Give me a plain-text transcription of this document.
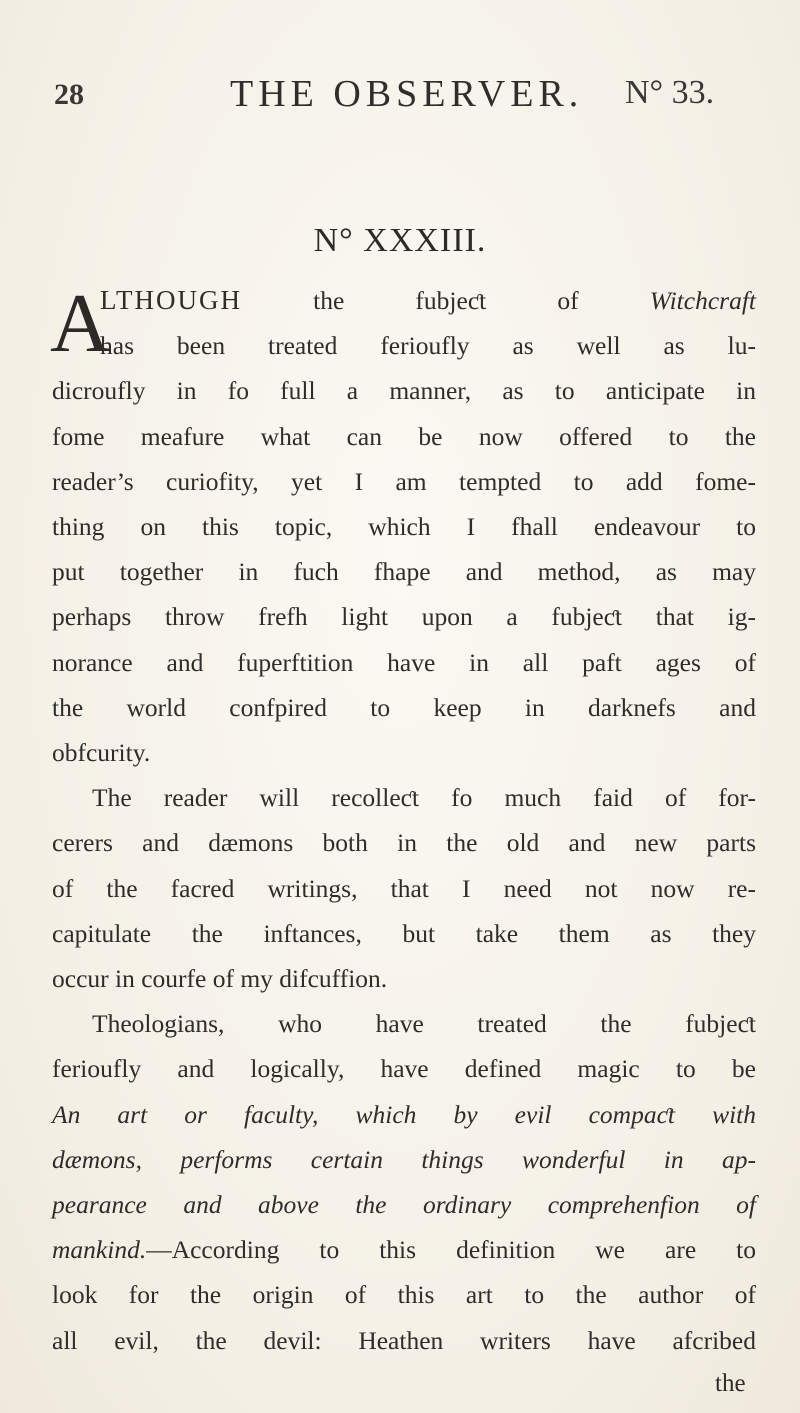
28	THE OBSERVER. N° 33.
N° XXXIII.
A
LTHOUGH the fubjeƈt of Witchcraft
has been treated ferioufly as well as lu-
dicroufly in fo full a manner, as to anticipate in
fome meafure what can be now offered to the
reader’s curiofity, yet I am tempted to add fome-
thing on this topic, which I fhall endeavour to
put together in fuch fhape and method, as may
perhaps throw frefh light upon a fubjeƈt that ig-
norance and fuperftition have in all paft ages of
the world confpired to keep in darknefs and
obfcurity.
The reader will recolleƈt fo much faid of for-
cerers and dæmons both in the old and new parts
of the facred writings, that I need not now re-
capitulate the inftances, but take them as they
occur in courfe of my difcuffion.
Theologians, who have treated the fubjeƈt
ferioufly and logically, have defined magic to be
An art or faculty, which by evil compaƈt with
dæmons, performs certain things wonderful in ap-
pearance and above the ordinary comprehenfion of
mankind.—According to this definition we are to
look for the origin of this art to the author of
all evil, the devil: Heathen writers have afcribed
the
